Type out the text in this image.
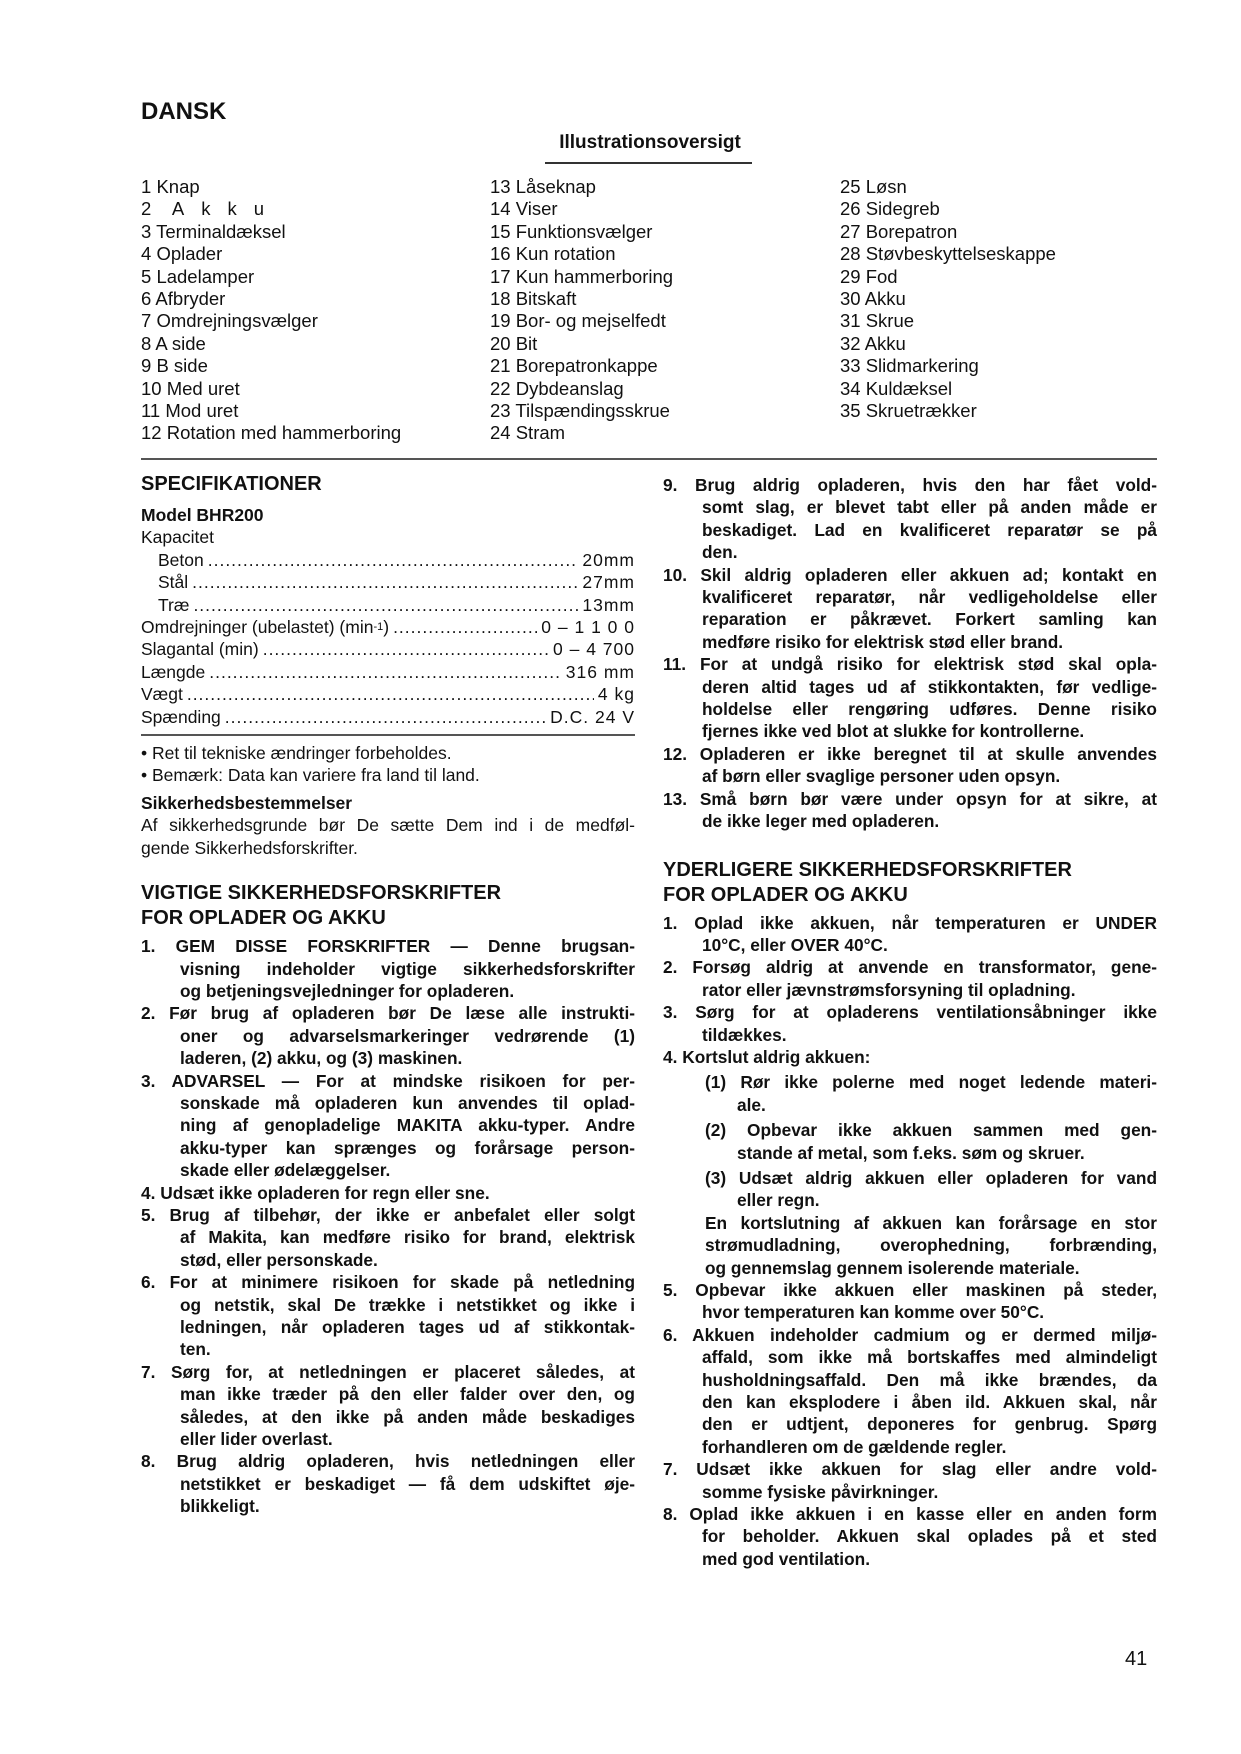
DANSK
Illustrationsoversigt
1 Knap
2 Akku
3 Terminaldæksel
4 Oplader
5 Ladelamper
6 Afbryder
7 Omdrejningsvælger
8 A side
9 B side
10 Med uret
11 Mod uret
12 Rotation med hammerboring
13 Låseknap
14 Viser
15 Funktionsvælger
16 Kun rotation
17 Kun hammerboring
18 Bitskaft
19 Bor- og mejselfedt
20 Bit
21 Borepatronkappe
22 Dybdeanslag
23 Tilspændingsskrue
24 Stram
25 Løsn
26 Sidegreb
27 Borepatron
28 Støvbeskyttelseskappe
29 Fod
30 Akku
31 Skrue
32 Akku
33 Slidmarkering
34 Kuldæksel
35 Skruetrækker
SPECIFIKATIONER
Model BHR200
Kapacitet
Beton .....	20mm
Stål .....	27mm
Træ .....	13mm
Omdrejninger (ubelastet) (min -1 ) .....	0 – 1 1 0 0
Slagantal (min) .....	0 – 4 700
Længde .....	316 mm
Vægt .....	4 kg
Spænding .....	D.C. 24 V
• Ret til tekniske ændringer forbeholdes.
• Bemærk: Data kan variere fra land til land.
Sikkerhedsbestemmelser
Af sikkerhedsgrunde bør De sætte Dem ind i de medføl-
gende Sikkerhedsforskrifter.
VIGTIGE SIKKERHEDSFORSKRIFTER
FOR OPLADER OG AKKU
1. GEM DISSE FORSKRIFTER — Denne brugsan-
visning indeholder vigtige sikkerhedsforskrifter
og betjeningsvejledninger for opladeren.
2. Før brug af opladeren bør De læse alle instrukti-
oner og advarselsmarkeringer vedrørende (1)
laderen, (2) akku, og (3) maskinen.
3. ADVARSEL — For at mindske risikoen for per-
sonskade må opladeren kun anvendes til oplad-
ning af genopladelige MAKITA akku-typer. Andre
akku-typer kan sprænges og forårsage person-
skade eller ødelæggelser.
4. Udsæt ikke opladeren for regn eller sne.
5. Brug af tilbehør, der ikke er anbefalet eller solgt
af Makita, kan medføre risiko for brand, elektrisk
stød, eller personskade.
6. For at minimere risikoen for skade på netledning
og netstik, skal De trække i netstikket og ikke i
ledningen, når opladeren tages ud af stikkontak-
ten.
7. Sørg for, at netledningen er placeret således, at
man ikke træder på den eller falder over den, og
således, at den ikke på anden måde beskadiges
eller lider overlast.
8. Brug aldrig opladeren, hvis netledningen eller
netstikket er beskadiget — få dem udskiftet øje-
blikkeligt.
9. Brug aldrig opladeren, hvis den har fået vold-
somt slag, er blevet tabt eller på anden måde er
beskadiget. Lad en kvalificeret reparatør se på
den.
10. Skil aldrig opladeren eller akkuen ad; kontakt en
kvalificeret reparatør, når vedligeholdelse eller
reparation er påkrævet. Forkert samling kan
medføre risiko for elektrisk stød eller brand.
11. For at undgå risiko for elektrisk stød skal opla-
deren altid tages ud af stikkontakten, før vedlige-
holdelse eller rengøring udføres. Denne risiko
fjernes ikke ved blot at slukke for kontrollerne.
12. Opladeren er ikke beregnet til at skulle anvendes
af børn eller svaglige personer uden opsyn.
13. Små børn bør være under opsyn for at sikre, at
de ikke leger med opladeren.
YDERLIGERE SIKKERHEDSFORSKRIFTER
FOR OPLADER OG AKKU
1. Oplad ikke akkuen, når temperaturen er UNDER
10°C, eller OVER 40°C.
2. Forsøg aldrig at anvende en transformator, gene-
rator eller jævnstrømsforsyning til opladning.
3. Sørg for at opladerens ventilationsåbninger ikke
tildækkes.
4. Kortslut aldrig akkuen:
(1) Rør ikke polerne med noget ledende materi-
ale.
(2) Opbevar ikke akkuen sammen med gen-
stande af metal, som f.eks. søm og skruer.
(3) Udsæt aldrig akkuen eller opladeren for vand
eller regn.
En kortslutning af akkuen kan forårsage en stor
strømudladning, overophedning, forbrænding,
og gennemslag gennem isolerende materiale.
5. Opbevar ikke akkuen eller maskinen på steder,
hvor temperaturen kan komme over 50°C.
6. Akkuen indeholder cadmium og er dermed miljø-
affald, som ikke må bortskaffes med almindeligt
husholdningsaffald. Den må ikke brændes, da
den kan eksplodere i åben ild. Akkuen skal, når
den er udtjent, deponeres for genbrug. Spørg
forhandleren om de gældende regler.
7. Udsæt ikke akkuen for slag eller andre vold-
somme fysiske påvirkninger.
8. Oplad ikke akkuen i en kasse eller en anden form
for beholder. Akkuen skal oplades på et sted
med god ventilation.
41
